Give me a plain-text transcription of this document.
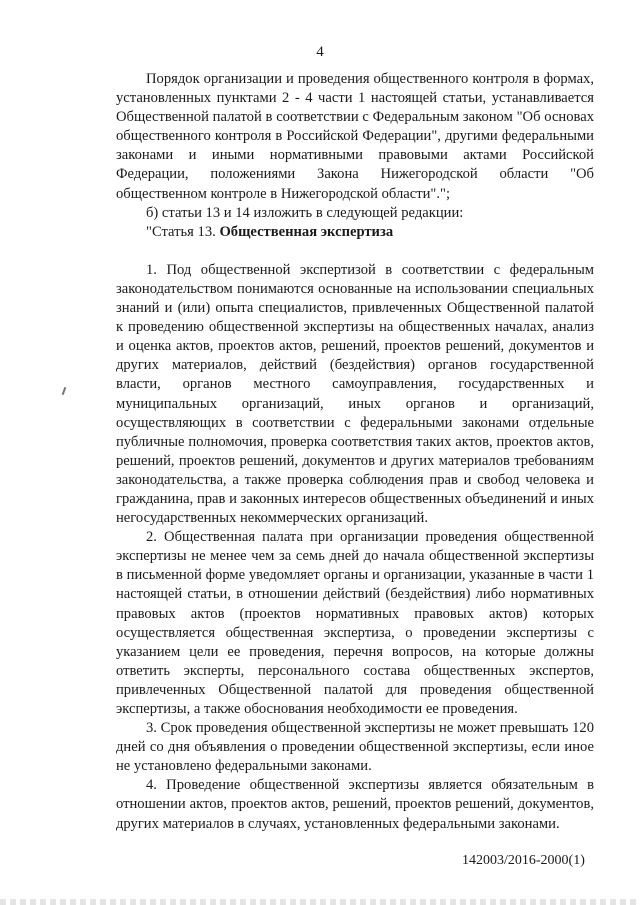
4

Порядок организации и проведения общественного контроля в формах, установленных пунктами 2 - 4 части 1 настоящей статьи, устанавливается Общественной палатой в соответствии с Федеральным законом "Об основах общественного контроля в Российской Федерации", другими федеральными законами и иными нормативными правовыми актами Российской Федерации, положениями Закона Нижегородской области "Об общественном контроле в Нижегородской области".";

б) статьи 13 и 14 изложить в следующей редакции:

"Статья 13. Общественная экспертиза

1. Под общественной экспертизой в соответствии с федеральным законодательством понимаются основанные на использовании специальных знаний и (или) опыта специалистов, привлеченных Общественной палатой к проведению общественной экспертизы на общественных началах, анализ и оценка актов, проектов актов, решений, проектов решений, документов и других материалов, действий (бездействия) органов государственной власти, органов местного самоуправления, государственных и муниципальных организаций, иных органов и организаций, осуществляющих в соответствии с федеральными законами отдельные публичные полномочия, проверка соответствия таких актов, проектов актов, решений, проектов решений, документов и других материалов требованиям законодательства, а также проверка соблюдения прав и свобод человека и гражданина, прав и законных интересов общественных объединений и иных негосударственных некоммерческих организаций.

2. Общественная палата при организации проведения общественной экспертизы не менее чем за семь дней до начала общественной экспертизы в письменной форме уведомляет органы и организации, указанные в части 1 настоящей статьи, в отношении действий (бездействия) либо нормативных правовых актов (проектов нормативных правовых актов) которых осуществляется общественная экспертиза, о проведении экспертизы с указанием цели ее проведения, перечня вопросов, на которые должны ответить эксперты, персонального состава общественных экспертов, привлеченных Общественной палатой для проведения общественной экспертизы, а также обоснования необходимости ее проведения.

3. Срок проведения общественной экспертизы не может превышать 120 дней со дня объявления о проведении общественной экспертизы, если иное не установлено федеральными законами.

4. Проведение общественной экспертизы является обязательным в отношении актов, проектов актов, решений, проектов решений, документов, других материалов в случаях, установленных федеральными законами.

142003/2016-2000(1)
